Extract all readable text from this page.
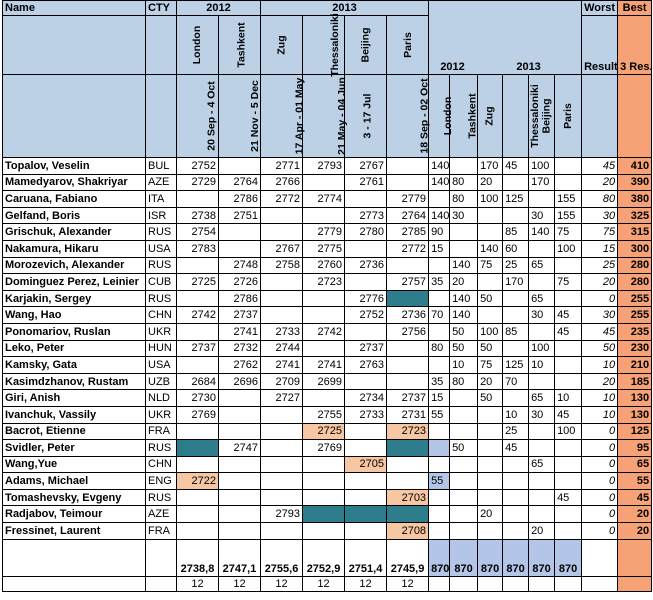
Name	CTY	2012		2013				2012 2013						Worst	Best
		London	Tashkent	Zug	Thessaloniki	Beijing	Paris							Result	3 Res.
		20 Sep - 4 Oct	21 Nov - 5 Dec	17 Apr - 01 May	21 May - 04 Jun	3 - 17 Jul	18 Sep - 02 Oct	London	Tashkent	Zug	Thessaloniki	Beijing	Paris		
Topalov, Veselin	BUL	2752		2771	2793	2767		140		170	45	100		45	410
Mamedyarov, Shakriyar	AZE	2729	2764	2766		2761		140	80	20		170		20	390
Caruana, Fabiano	ITA		2786	2772	2774		2779		80	100	125		155	80	380
Gelfand, Boris	ISR	2738	2751			2773	2764	140	30			30	155	30	325
Grischuk, Alexander	RUS	2754			2779	2780	2785	90			85	140	75	75	315
Nakamura, Hikaru	USA	2783		2767	2775		2772	15		140	60		100	15	300
Morozevich, Alexander	RUS		2748	2758	2760	2736			140	75	25	65		25	280
Dominguez Perez, Leinier	CUB	2725	2726		2723		2757	35	20		170		75	20	280
Karjakin, Sergey	RUS		2786			2776			140	50		65		0	255
Wang, Hao	CHN	2742	2737			2752	2736	70	140			30	45	30	255
Ponomariov, Ruslan	UKR		2741	2733	2742		2756		50	100	85		45	45	235
Leko, Peter	HUN	2737	2732	2744		2737		80	50	50		100		50	230
Kamsky, Gata	USA		2762	2741	2741	2763			10	75	125	10		10	210
Kasimdzhanov, Rustam	UZB	2684	2696	2709	2699			35	80	20	70			20	185
Giri, Anish	NLD	2730		2727		2734	2737	15		50		65	10	10	130
Ivanchuk, Vassily	UKR	2769			2755	2733	2731	55			10	30	45	10	130
Bacrot, Etienne	FRA				2725		2723				25		100	0	125
Svidler, Peter	RUS		2747		2769				50		45			0	95
Wang,Yue	CHN					2705						65		0	65
Adams, Michael	ENG	2722						55						0	55
Tomashevsky, Evgeny	RUS						2703						45	0	45
Radjabov, Teimour	AZE			2793						20				0	20
Fressinet, Laurent	FRA						2708					20		0	20
		2738,8	2747,1	2755,6	2752,9	2751,4	2745,9	870	870	870	870	870	870		
		12	12	12	12	12	12								
